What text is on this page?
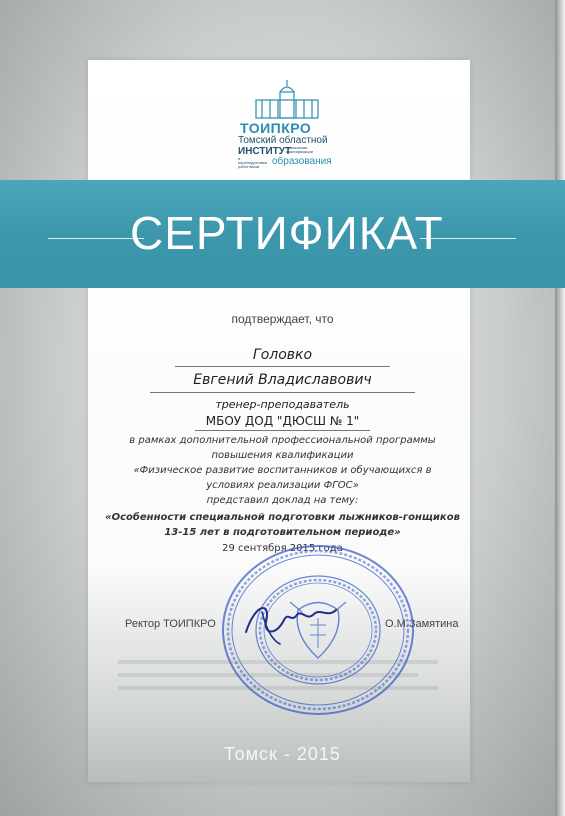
ТОИПКРО
Томский областной
ИНСТИТУТ
повышения квалификации
и переподготовки работников	образования
СЕРТИФИКАТ
подтверждает, что
Головко
Евгений Владиславович
тренер-преподаватель
МБОУ ДОД "ДЮСШ № 1"
в рамках дополнительной профессиональной программы
повышения квалификации
«Физическое развитие воспитанников и обучающихся в
условиях реализации ФГОС»
представил доклад на тему:
«Особенности специальной подготовки лыжников-гонщиков
13-15 лет в подготовительном периоде»
29 сентября 2015 года
Ректор ТОИПКРО	О.М.Замятина
Томск - 2015
